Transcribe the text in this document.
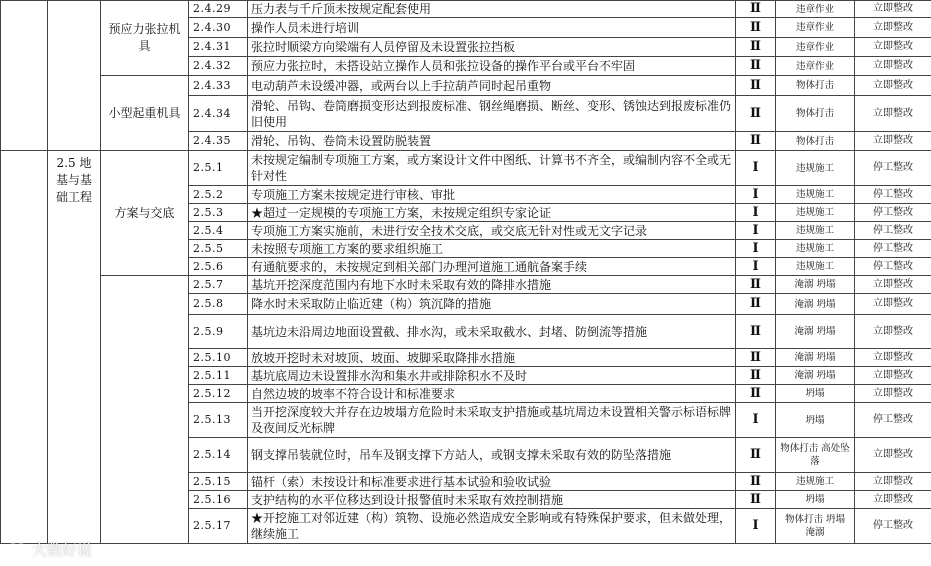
		预应力张拉机具	2.4.29	压力表与千斤顶未按规定配套使用	Ⅱ	违章作业	立即整改
			2.4.30	操作人员未进行培训	Ⅱ	违章作业	立即整改
			2.4.31	张拉时顺梁方向梁端有人员停留及未设置张拉挡板	Ⅱ	违章作业	立即整改
			2.4.32	预应力张拉时，未搭设站立操作人员和张拉设备的操作平台或平台不牢固	Ⅱ	违章作业	立即整改
		小型起重机具	2.4.33	电动葫芦未设缓冲器，或两台以上手拉葫芦同时起吊重物	Ⅱ	物体打击	立即整改
			2.4.34	滑轮、吊钩、卷筒磨损变形达到报废标准、钢丝绳磨损、断丝、变形、锈蚀达到报废标准仍旧使用	Ⅱ	物体打击	立即整改
			2.4.35	滑轮、吊钩、卷筒未设置防脱装置	Ⅱ	物体打击	立即整改
	2.5 地基与基础工程	方案与交底	2.5.1	未按规定编制专项施工方案，或方案设计文件中图纸、计算书不齐全，或编制内容不全或无针对性	Ⅰ	违规施工	停工整改
			2.5.2	专项施工方案未按规定进行审核、审批	Ⅰ	违规施工	停工整改
			2.5.3	★超过一定规模的专项施工方案，未按规定组织专家论证	Ⅰ	违规施工	停工整改
			2.5.4	专项施工方案实施前，未进行安全技术交底，或交底无针对性或无文字记录	Ⅰ	违规施工	停工整改
			2.5.5	未按照专项施工方案的要求组织施工	Ⅰ	违规施工	停工整改
			2.5.6	有通航要求的，未按规定到相关部门办理河道施工通航备案手续	Ⅰ	违规施工	停工整改
			2.5.7	基坑开挖深度范围内有地下水时未采取有效的降排水措施	Ⅱ	淹溺 坍塌	立即整改
			2.5.8	降水时未采取防止临近建（构）筑沉降的措施	Ⅱ	淹溺 坍塌	立即整改
			2.5.9	基坑边未沿周边地面设置截、排水沟，或未采取截水、封堵、防倒流等措施	Ⅱ	淹溺 坍塌	立即整改
			2.5.10	放坡开挖时未对坡顶、坡面、坡脚采取降排水措施	Ⅱ	淹溺 坍塌	立即整改
			2.5.11	基坑底周边未设置排水沟和集水井或排除积水不及时	Ⅱ	淹溺 坍塌	立即整改
			2.5.12	自然边坡的坡率不符合设计和标准要求	Ⅱ	坍塌	立即整改
			2.5.13	当开挖深度较大并存在边坡塌方危险时未采取支护措施或基坑周边未设置相关警示标语标牌及夜间反光标牌	Ⅰ	坍塌	停工整改
			2.5.14	钢支撑吊装就位时，吊车及钢支撑下方站人，或钢支撑未采取有效的防坠落措施	Ⅱ	物体打击 高处坠落	立即整改
			2.5.15	锚杆（索）未按设计和标准要求进行基本试验和验收试验	Ⅱ	违规施工	立即整改
			2.5.16	支护结构的水平位移达到设计报警值时未采取有效控制措施	Ⅱ	坍塌	立即整改
			2.5.17	★开挖施工对邻近建（构）筑物、设施必然造成安全影响或有特殊保护要求，但未做处理，继续施工	Ⅰ	物体打击 坍塌 淹溺	停工整改
大数好说
